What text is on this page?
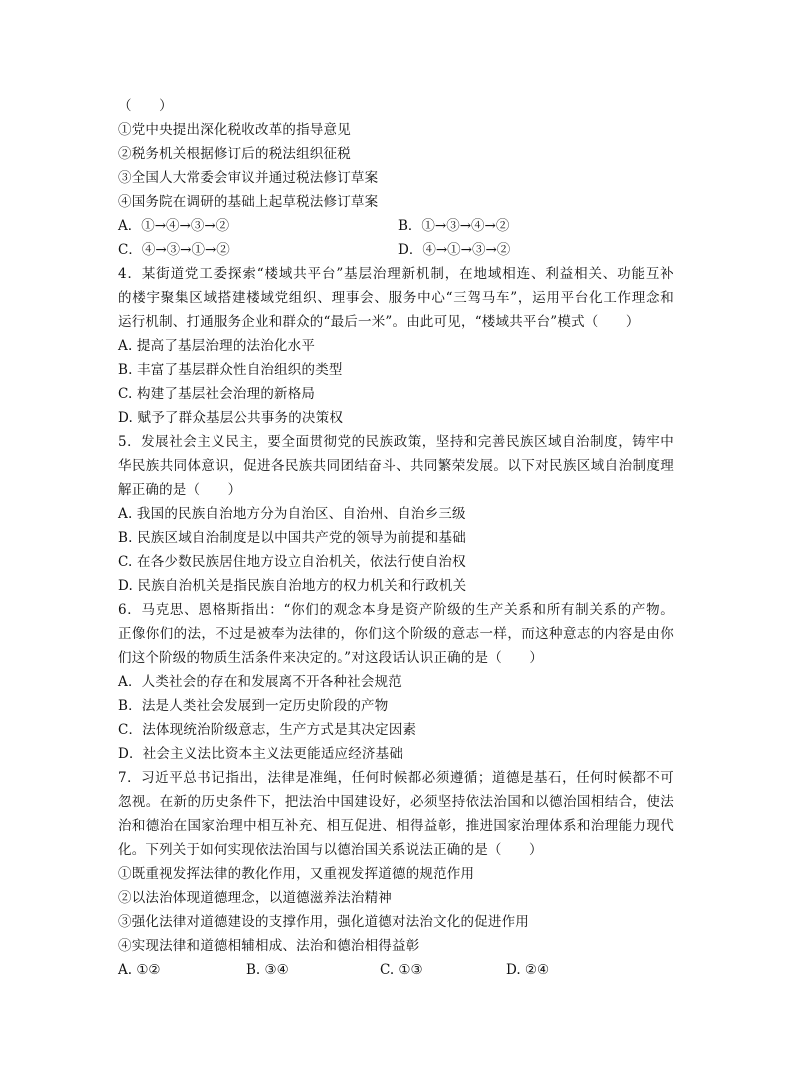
（　　）
①党中央提出深化税收改革的指导意见
②税务机关根据修订后的税法组织征税
③全国人大常委会审议并通过税法修订草案
④国务院在调研的基础上起草税法修订草案
A．①→④→③→②	B．①→③→④→②
C．④→③→①→②	D．④→①→③→②
4．某街道党工委探索“楼域共平台”基层治理新机制，在地域相连、利益相关、功能互补
的楼宇聚集区域搭建楼域党组织、理事会、服务中心“三驾马车”，运用平台化工作理念和
运行机制、打通服务企业和群众的“最后一米”。由此可见，“楼域共平台”模式（　　）
A. 提高了基层治理的法治化水平
B. 丰富了基层群众性自治组织的类型
C. 构建了基层社会治理的新格局
D. 赋予了群众基层公共事务的决策权
5．发展社会主义民主，要全面贯彻党的民族政策，坚持和完善民族区域自治制度，铸牢中
华民族共同体意识，促进各民族共同团结奋斗、共同繁荣发展。以下对民族区域自治制度理
解正确的是（　　）
A. 我国的民族自治地方分为自治区、自治州、自治乡三级
B. 民族区域自治制度是以中国共产党的领导为前提和基础
C. 在各少数民族居住地方设立自治机关，依法行使自治权
D. 民族自治机关是指民族自治地方的权力机关和行政机关
6．马克思、恩格斯指出：“你们的观念本身是资产阶级的生产关系和所有制关系的产物。
正像你们的法，不过是被奉为法律的，你们这个阶级的意志一样，而这种意志的内容是由你
们这个阶级的物质生活条件来决定的。”对这段话认识正确的是（　　）
A．人类社会的存在和发展离不开各种社会规范
B．法是人类社会发展到一定历史阶段的产物
C．法体现统治阶级意志，生产方式是其决定因素
D．社会主义法比资本主义法更能适应经济基础
7．习近平总书记指出，法律是准绳，任何时候都必须遵循；道德是基石，任何时候都不可
忽视。在新的历史条件下，把法治中国建设好，必须坚持依法治国和以德治国相结合，使法
治和德治在国家治理中相互补充、相互促进、相得益彰，推进国家治理体系和治理能力现代
化。下列关于如何实现依法治国与以德治国关系说法正确的是（　　）
①既重视发挥法律的教化作用，又重视发挥道德的规范作用
②以法治体现道德理念，以道德滋养法治精神
③强化法律对道德建设的支撑作用，强化道德对法治文化的促进作用
④实现法律和道德相辅相成、法治和德治相得益彰
A. ①②	B. ③④	C. ①③	D. ②④
